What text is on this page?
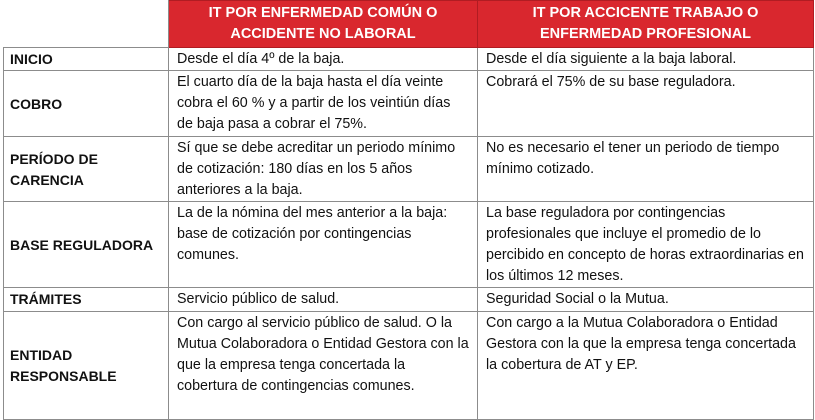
	IT POR ENFERMEDAD COMÚN O ACCIDENTE NO LABORAL	IT POR ACCICENTE TRABAJO O ENFERMEDAD PROFESIONAL
INICIO	Desde el día 4º de la baja.	Desde el día siguiente a la baja laboral.
COBRO	El cuarto día de la baja hasta el día veinte cobra el 60 % y a partir de los veintiún días de baja pasa a cobrar el 75%.	Cobrará el 75% de su base reguladora.
PERÍODO DE CARENCIA	Sí que se debe acreditar un periodo mínimo de cotización: 180 días en los 5 años anteriores a la baja.	No es necesario el tener un periodo de tiempo mínimo cotizado.
BASE REGULADORA	La de la nómina del mes anterior a la baja: base de cotización por contingencias comunes.	La base reguladora por contingencias profesionales que incluye el promedio de lo percibido en concepto de horas extraordinarias en los últimos 12 meses.
TRÁMITES	Servicio público de salud.	Seguridad Social o la Mutua.
ENTIDAD RESPONSABLE	Con cargo al servicio público de salud. O la Mutua Colaboradora o Entidad Gestora con la que la empresa tenga concertada la cobertura de contingencias comunes.	Con cargo a la Mutua Colaboradora o Entidad Gestora con la que la empresa tenga concertada la cobertura de AT y EP.
